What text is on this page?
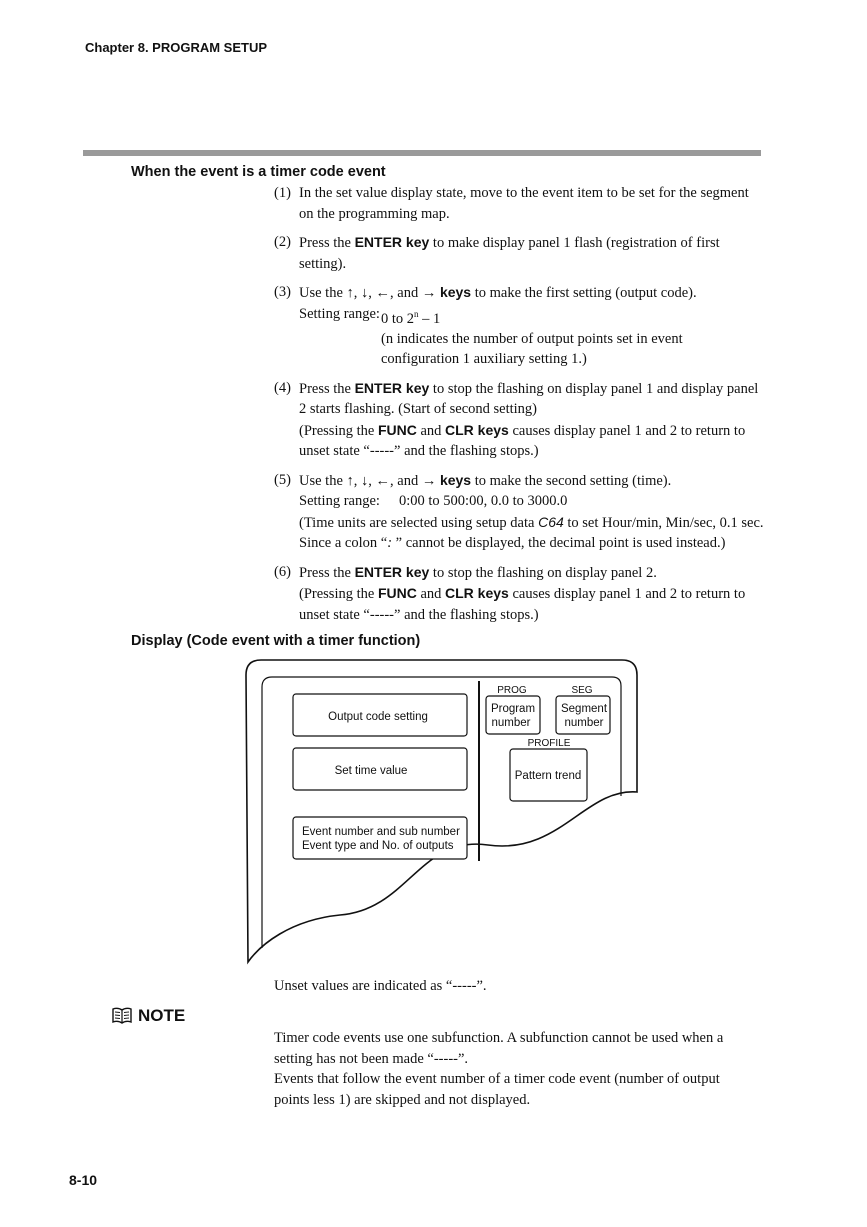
Chapter 8. PROGRAM SETUP
When the event is a timer code event
(1) In the set value display state, move to the event item to be set for the segment on the programming map.
(2) Press the ENTER key to make display panel 1 flash (registration of first setting).
(3) Use the ↑, ↓, ←, and → keys to make the first setting (output code).
Setting range: 0 to 2$^n$ – 1
(n indicates the number of output points set in event configuration 1 auxiliary setting 1.)
(4) Press the ENTER key to stop the flashing on display panel 1 and display panel 2 starts flashing. (Start of second setting)
(Pressing the FUNC and CLR keys causes display panel 1 and 2 to return to unset state “-----” and the flashing stops.)
(5) Use the ↑, ↓, ←, and → keys to make the second setting (time).
Setting range:	0:00 to 500:00, 0.0 to 3000.0
(Time units are selected using setup data C64 to set Hour/min, Min/sec, 0.1 sec. Since a colon “: ” cannot be displayed, the decimal point is used instead.)
(6) Press the ENTER key to stop the flashing on display panel 2.
(Pressing the FUNC and CLR keys causes display panel 1 and 2 to return to unset state “-----” and the flashing stops.)
Display (Code event with a timer function)
Output code setting
Set time value
Event number and sub number
Event type and No. of outputs
PROG	SEG
Program
number
Segment
number
PROFILE
Pattern trend
Unset values are indicated as “-----”.
NOTE

Timer code events use one subfunction. A subfunction cannot be used when a setting has not been made “-----”.

Events that follow the event number of a timer code event (number of output points less 1) are skipped and not displayed.

8-10
